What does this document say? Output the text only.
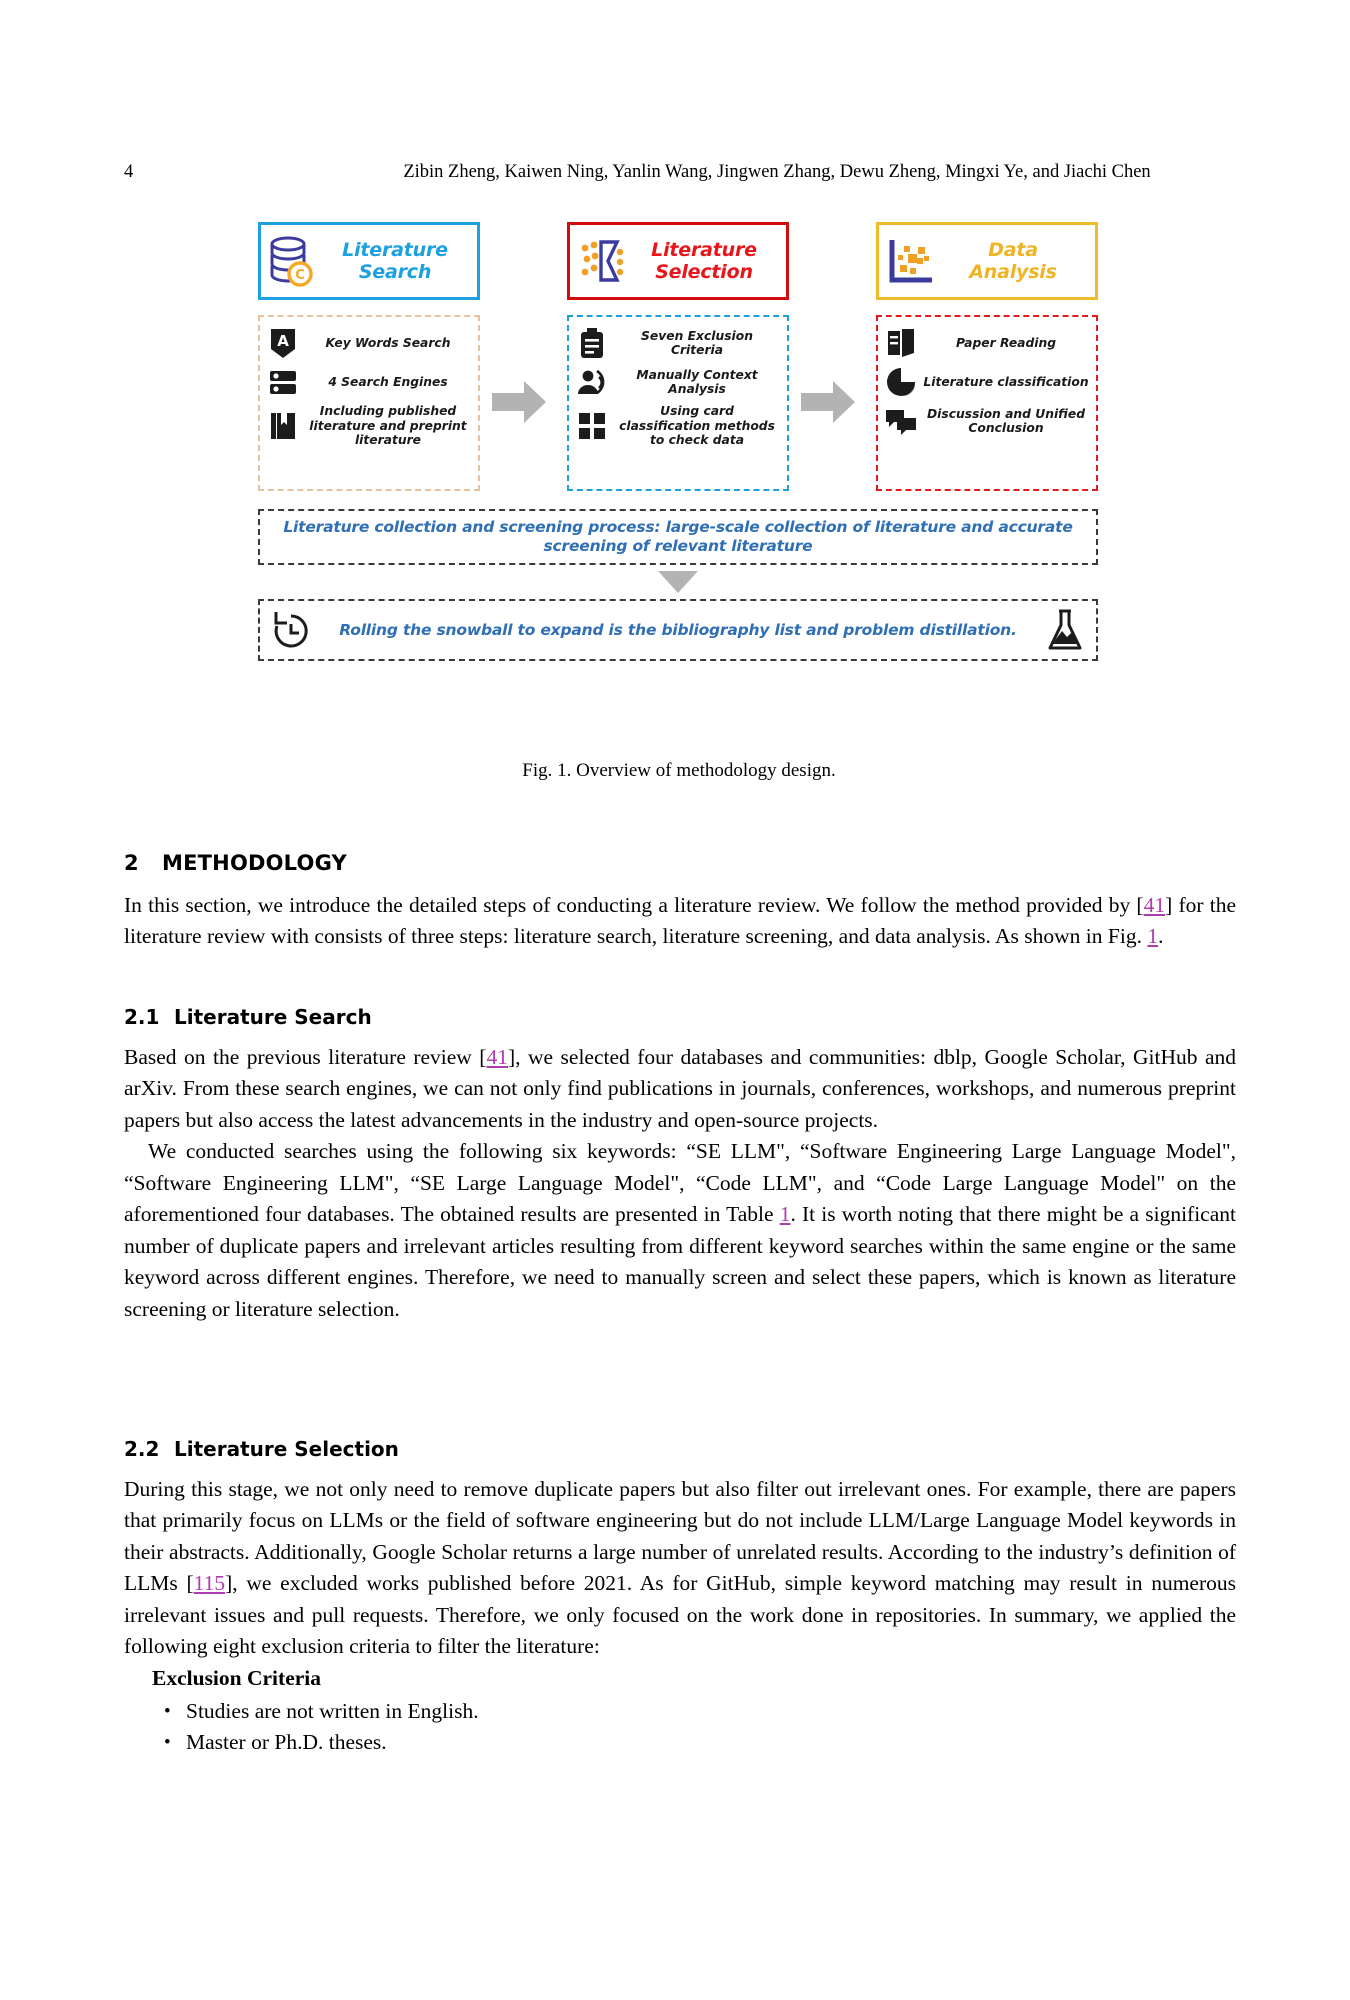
4	Zibin Zheng, Kaiwen Ning, Yanlin Wang, Jingwen Zhang, Dewu Zheng, Mingxi Ye, and Jiachi Chen
C
Literature
Search
Literature
Selection
Data
Analysis
A	Key Words Search
4 Search Engines
Including published literature and preprint literature
Seven Exclusion Criteria
Manually Context Analysis
Using card classification methods to check data
Paper Reading
Literature classification
Discussion and Unified Conclusion
Literature collection and screening process: large-scale collection of literature and accurate screening of relevant literature
Rolling the snowball to expand is the bibliography list and problem distillation.
Fig. 1. Overview of methodology design.
2 METHODOLOGY

In this section, we introduce the detailed steps of conducting a literature review. We follow the method provided by [41] for the literature review with consists of three steps: literature search, literature screening, and data analysis. As shown in Fig. 1.

2.1 Literature Search

Based on the previous literature review [41], we selected four databases and communities: dblp, Google Scholar, GitHub and arXiv. From these search engines, we can not only find publications in journals, conferences, workshops, and numerous preprint papers but also access the latest advancements in the industry and open-source projects.

We conducted searches using the following six keywords: “SE LLM", “Software Engineering Large Language Model", “Software Engineering LLM", “SE Large Language Model", “Code LLM", and “Code Large Language Model" on the aforementioned four databases. The obtained results are presented in Table 1. It is worth noting that there might be a significant number of duplicate papers and irrelevant articles resulting from different keyword searches within the same engine or the same keyword across different engines. Therefore, we need to manually screen and select these papers, which is known as literature screening or literature selection.

2.2 Literature Selection

During this stage, we not only need to remove duplicate papers but also filter out irrelevant ones. For example, there are papers that primarily focus on LLMs or the field of software engineering but do not include LLM/Large Language Model keywords in their abstracts. Additionally, Google Scholar returns a large number of unrelated results. According to the industry’s definition of LLMs [115], we excluded works published before 2021. As for GitHub, simple keyword matching may result in numerous irrelevant issues and pull requests. Therefore, we only focused on the work done in repositories. In summary, we applied the following eight exclusion criteria to filter the literature:

Exclusion Criteria
• Studies are not written in English.
• Master or Ph.D. theses.
